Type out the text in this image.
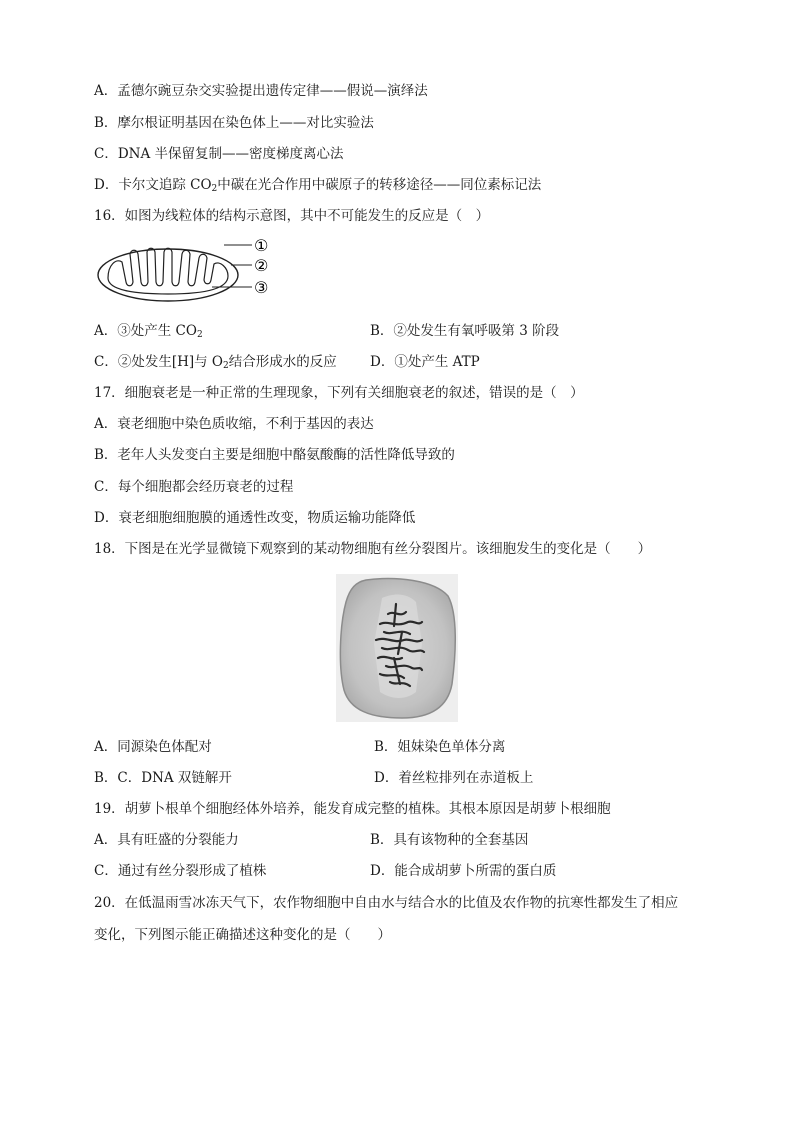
A．孟德尔豌豆杂交实验提出遗传定律——假说—演绎法
B．摩尔根证明基因在染色体上——对比实验法
C．DNA 半保留复制——密度梯度离心法
D．卡尔文追踪 $CO_2$中碳在光合作用中碳原子的转移途径——同位素标记法
16．如图为线粒体的结构示意图，其中不可能发生的反应是（　）
①
②
③
A．③处产生 $CO_2$	B．②处发生有氧呼吸第 3 阶段
C．②处发生[H]与 $O_2$结合形成水的反应 D．①处产生 ATP
17．细胞衰老是一种正常的生理现象，下列有关细胞衰老的叙述，错误的是（　）
A．衰老细胞中染色质收缩，不利于基因的表达
B．老年人头发变白主要是细胞中酪氨酸酶的活性降低导致的
C．每个细胞都会经历衰老的过程
D．衰老细胞细胞膜的通透性改变，物质运输功能降低
18．下图是在光学显微镜下观察到的某动物细胞有丝分裂图片。该细胞发生的变化是（　　）
A．同源染色体配对	B．姐妹染色单体分离
B．C．DNA 双链解开	D．着丝粒排列在赤道板上
19．胡萝卜根单个细胞经体外培养，能发育成完整的植株。其根本原因是胡萝卜根细胞
A．具有旺盛的分裂能力	B．具有该物种的全套基因
C．通过有丝分裂形成了植株	D．能合成胡萝卜所需的蛋白质
20．在低温雨雪冰冻天气下，农作物细胞中自由水与结合水的比值及农作物的抗寒性都发生了相应
变化，下列图示能正确描述这种变化的是（　　）
